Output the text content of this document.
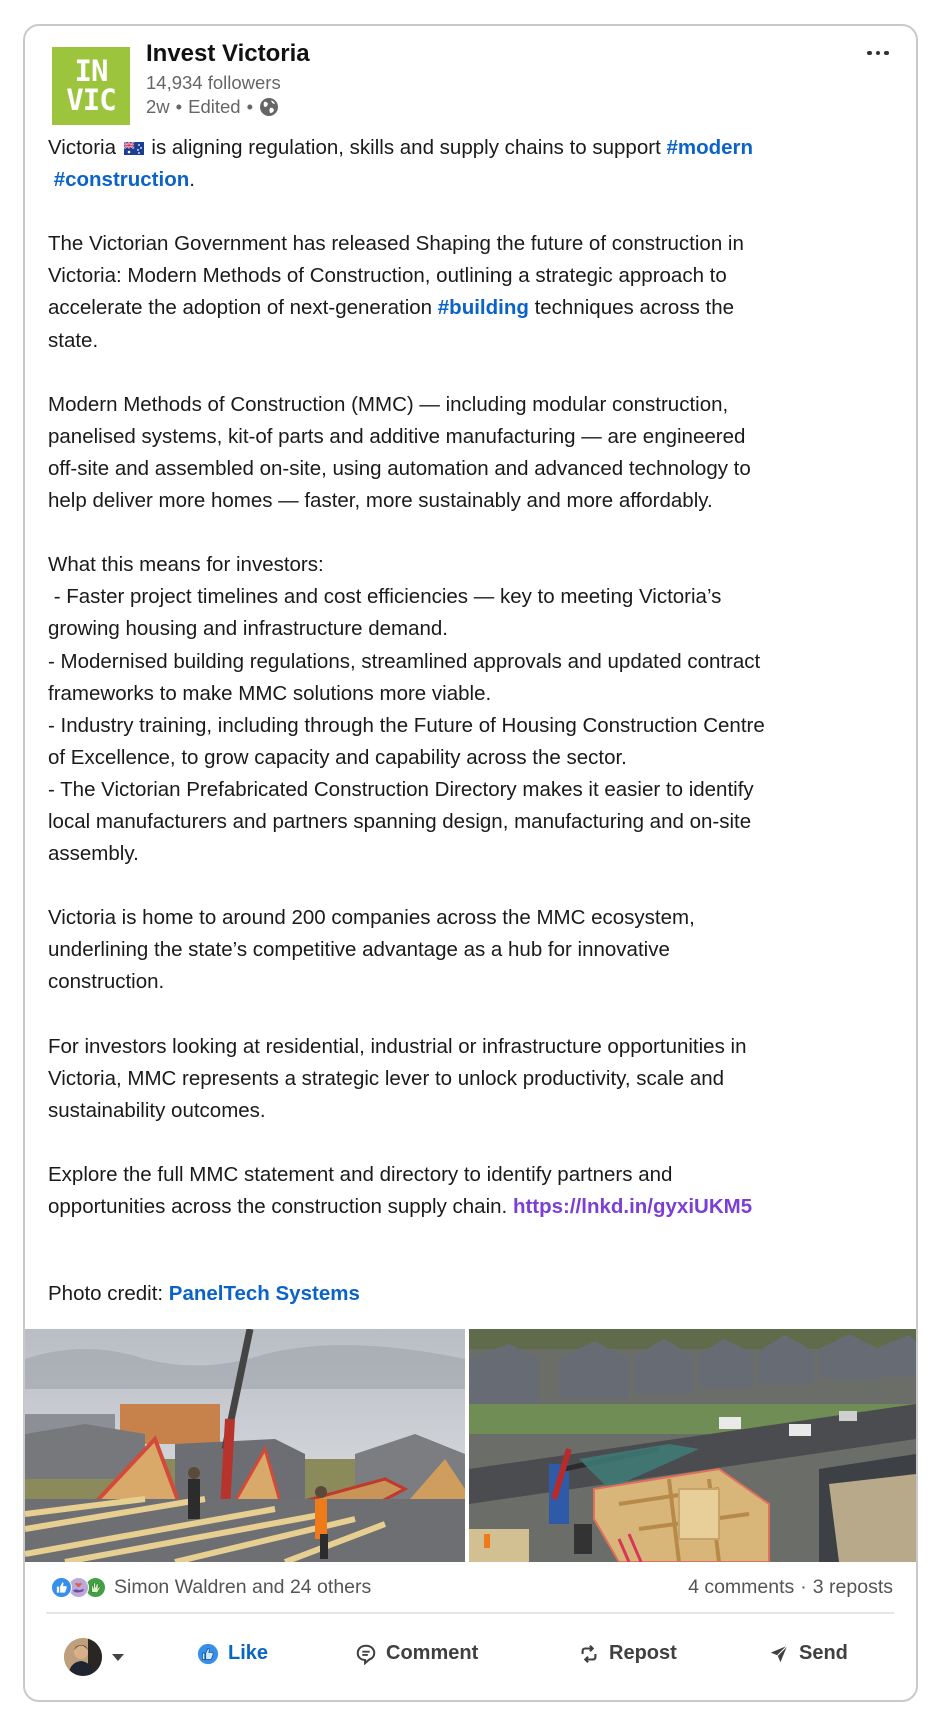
IN
VIC
Invest Victoria
14,934 followers
2w • Edited •

Victoria  is aligning regulation, skills and supply chains to support #modern
#construction.

The Victorian Government has released Shaping the future of construction in
Victoria: Modern Methods of Construction, outlining a strategic approach to
accelerate the adoption of next-generation #building techniques across the
state.

Modern Methods of Construction (MMC) — including modular construction,
panelised systems, kit-of parts and additive manufacturing — are engineered
off-site and assembled on-site, using automation and advanced technology to
help deliver more homes — faster, more sustainably and more affordably.

What this means for investors:
- Faster project timelines and cost efficiencies — key to meeting Victoria’s
growing housing and infrastructure demand.
- Modernised building regulations, streamlined approvals and updated contract
frameworks to make MMC solutions more viable.
- Industry training, including through the Future of Housing Construction Centre
of Excellence, to grow capacity and capability across the sector.
- The Victorian Prefabricated Construction Directory makes it easier to identify
local manufacturers and partners spanning design, manufacturing and on-site
assembly.

Victoria is home to around 200 companies across the MMC ecosystem,
underlining the state’s competitive advantage as a hub for innovative
construction.

For investors looking at residential, industrial or infrastructure opportunities in
Victoria, MMC represents a strategic lever to unlock productivity, scale and
sustainability outcomes.

Explore the full MMC statement and directory to identify partners and
opportunities across the construction supply chain. https://lnkd.in/gyxiUKM5

Photo credit: PanelTech Systems
Simon Waldren and 24 others	4 comments · 3 reposts
Like	Comment	Repost	Send
